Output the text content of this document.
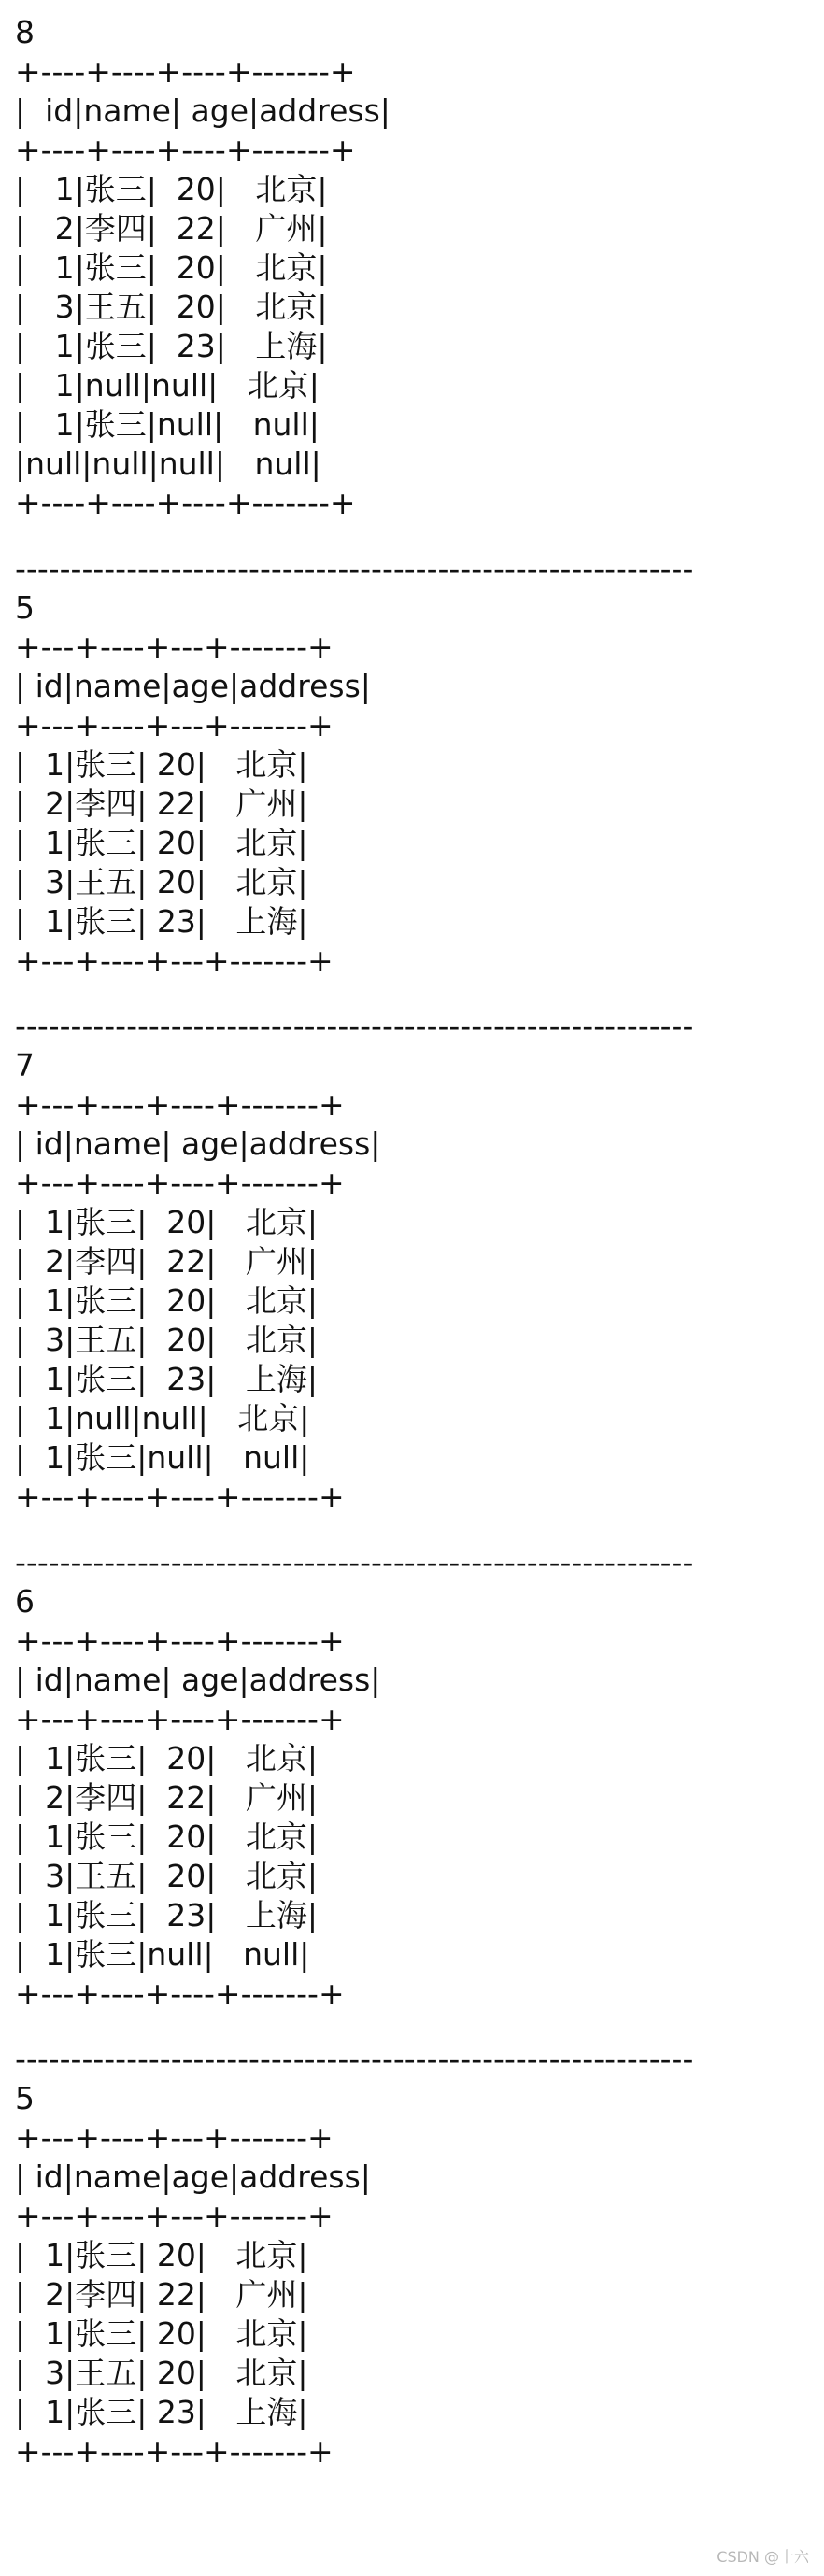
8
+----+----+----+-------+
|  id|name| age|address|
+----+----+----+-------+
|   1|张三|  20|   北京|
|   2|李四|  22|   广州|
|   1|张三|  20|   北京|
|   3|王五|  20|   北京|
|   1|张三|  23|   上海|
|   1|null|null|   北京|
|   1|张三|null|   null|
|null|null|null|   null|
+----+----+----+-------+
-------------------------------------------------------------
5
+---+----+---+-------+
| id|name|age|address|
+---+----+---+-------+
|  1|张三| 20|   北京|
|  2|李四| 22|   广州|
|  1|张三| 20|   北京|
|  3|王五| 20|   北京|
|  1|张三| 23|   上海|
+---+----+---+-------+
-------------------------------------------------------------
7
+---+----+----+-------+
| id|name| age|address|
+---+----+----+-------+
|  1|张三|  20|   北京|
|  2|李四|  22|   广州|
|  1|张三|  20|   北京|
|  3|王五|  20|   北京|
|  1|张三|  23|   上海|
|  1|null|null|   北京|
|  1|张三|null|   null|
+---+----+----+-------+
-------------------------------------------------------------
6
+---+----+----+-------+
| id|name| age|address|
+---+----+----+-------+
|  1|张三|  20|   北京|
|  2|李四|  22|   广州|
|  1|张三|  20|   北京|
|  3|王五|  20|   北京|
|  1|张三|  23|   上海|
|  1|张三|null|   null|
+---+----+----+-------+
-------------------------------------------------------------
5
+---+----+---+-------+
| id|name|age|address|
+---+----+---+-------+
|  1|张三| 20|   北京|
|  2|李四| 22|   广州|
|  1|张三| 20|   北京|
|  3|王五| 20|   北京|
|  1|张三| 23|   上海|
+---+----+---+-------+
CSDN @十六
